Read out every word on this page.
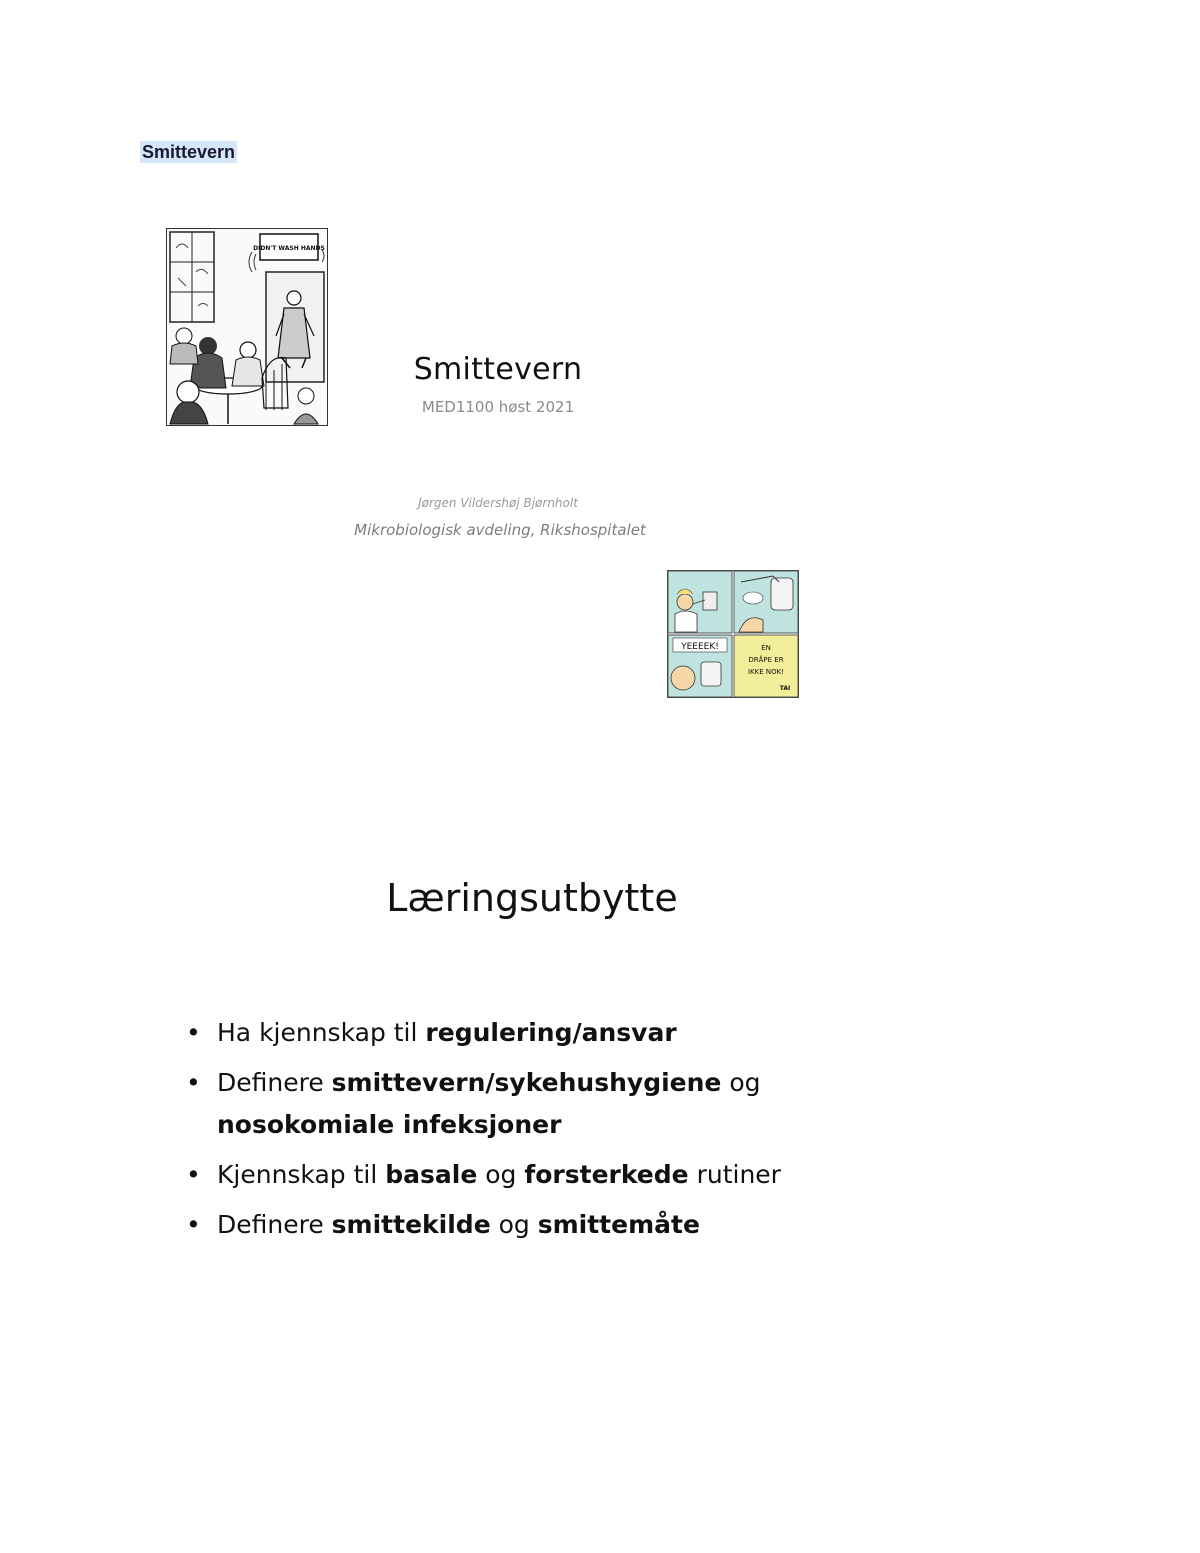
Smittevern
DIDN'T WASH HANDS
Smittevern
MED1100 høst 2021
Jørgen Vildershøj Bjørnholt
Mikrobiologisk avdeling, Rikshospitalet
YEEEEK!	ÉN
DRÅPE ER
IKKE NOK!
TAI
Læringsutbytte
• Ha kjennskap til regulering/ansvar
• Definere smittevern/sykehushygiene og nosokomiale infeksjoner
• Kjennskap til basale og forsterkede rutiner
• Definere smittekilde og smittemåte
